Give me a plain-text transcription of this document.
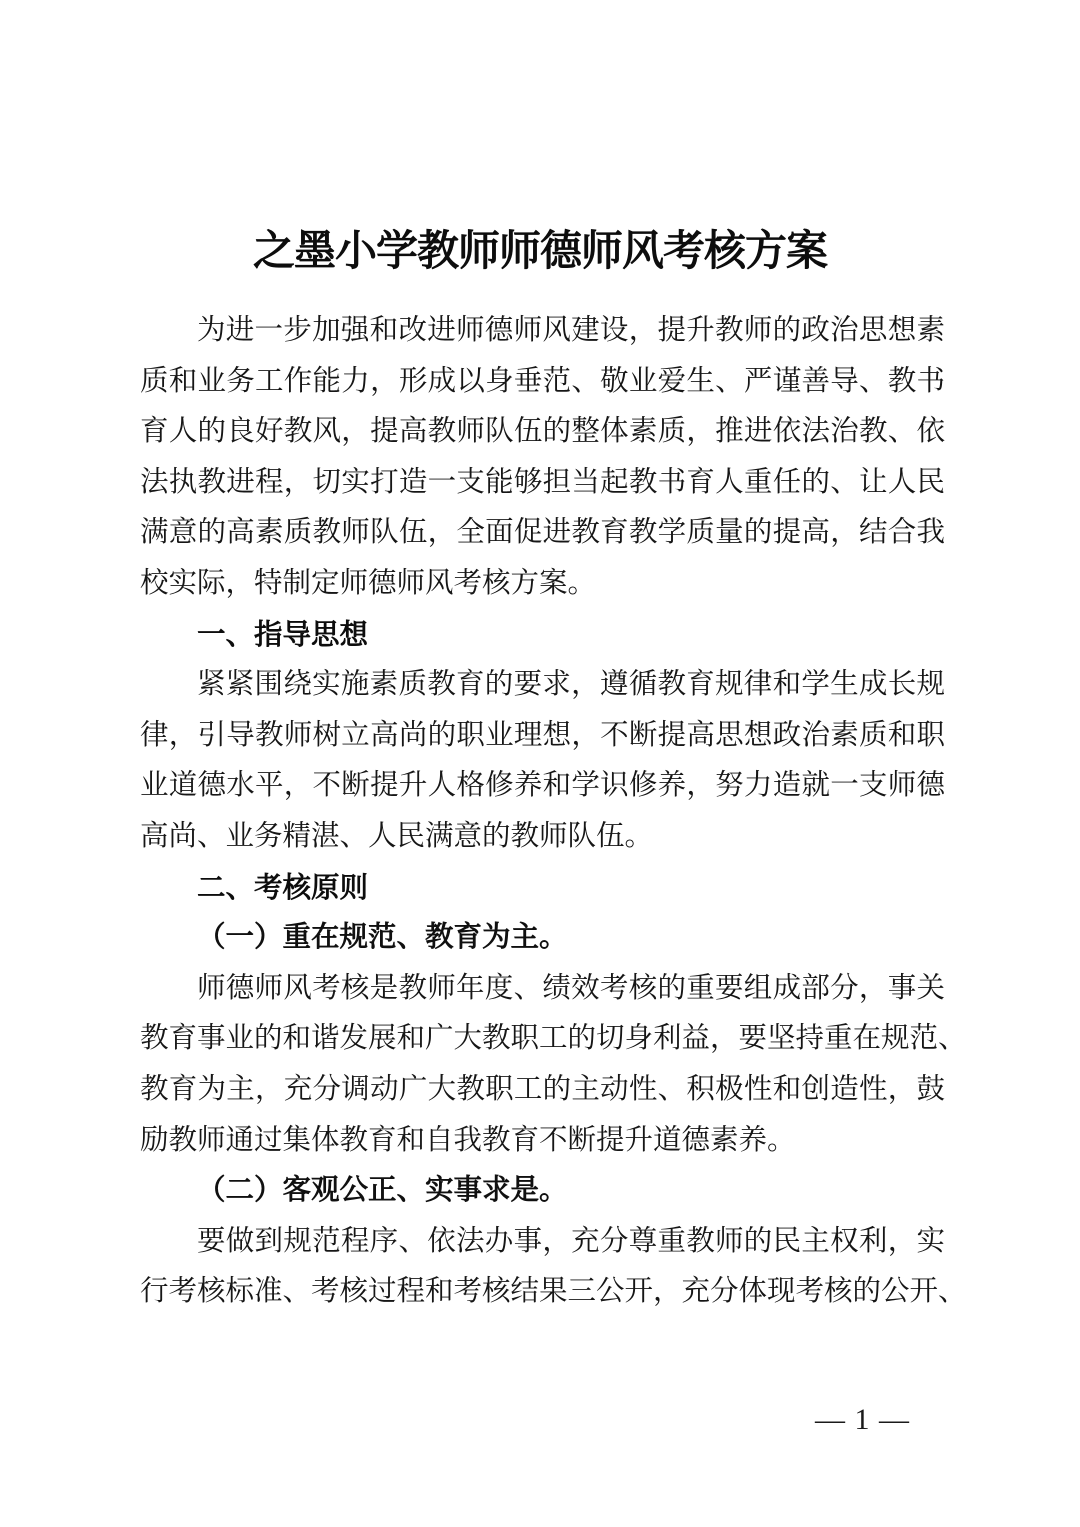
之墨小学教师师德师风考核方案
为进一步加强和改进师德师风建设，提升教师的政治思想素
质和业务工作能力，形成以身垂范、敬业爱生、严谨善导、教书
育人的良好教风，提高教师队伍的整体素质，推进依法治教、依
法执教进程，切实打造一支能够担当起教书育人重任的、让人民
满意的高素质教师队伍，全面促进教育教学质量的提高，结合我
校实际，特制定师德师风考核方案。
一、指导思想
紧紧围绕实施素质教育的要求，遵循教育规律和学生成长规
律，引导教师树立高尚的职业理想，不断提高思想政治素质和职
业道德水平，不断提升人格修养和学识修养，努力造就一支师德
高尚、业务精湛、人民满意的教师队伍。
二、考核原则
（一）重在规范、教育为主。
师德师风考核是教师年度、绩效考核的重要组成部分，事关
教育事业的和谐发展和广大教职工的切身利益，要坚持重在规范、
教育为主，充分调动广大教职工的主动性、积极性和创造性，鼓
励教师通过集体教育和自我教育不断提升道德素养。
（二）客观公正、实事求是。
要做到规范程序、依法办事，充分尊重教师的民主权利，实
行考核标准、考核过程和考核结果三公开，充分体现考核的公开、
— 1 —
